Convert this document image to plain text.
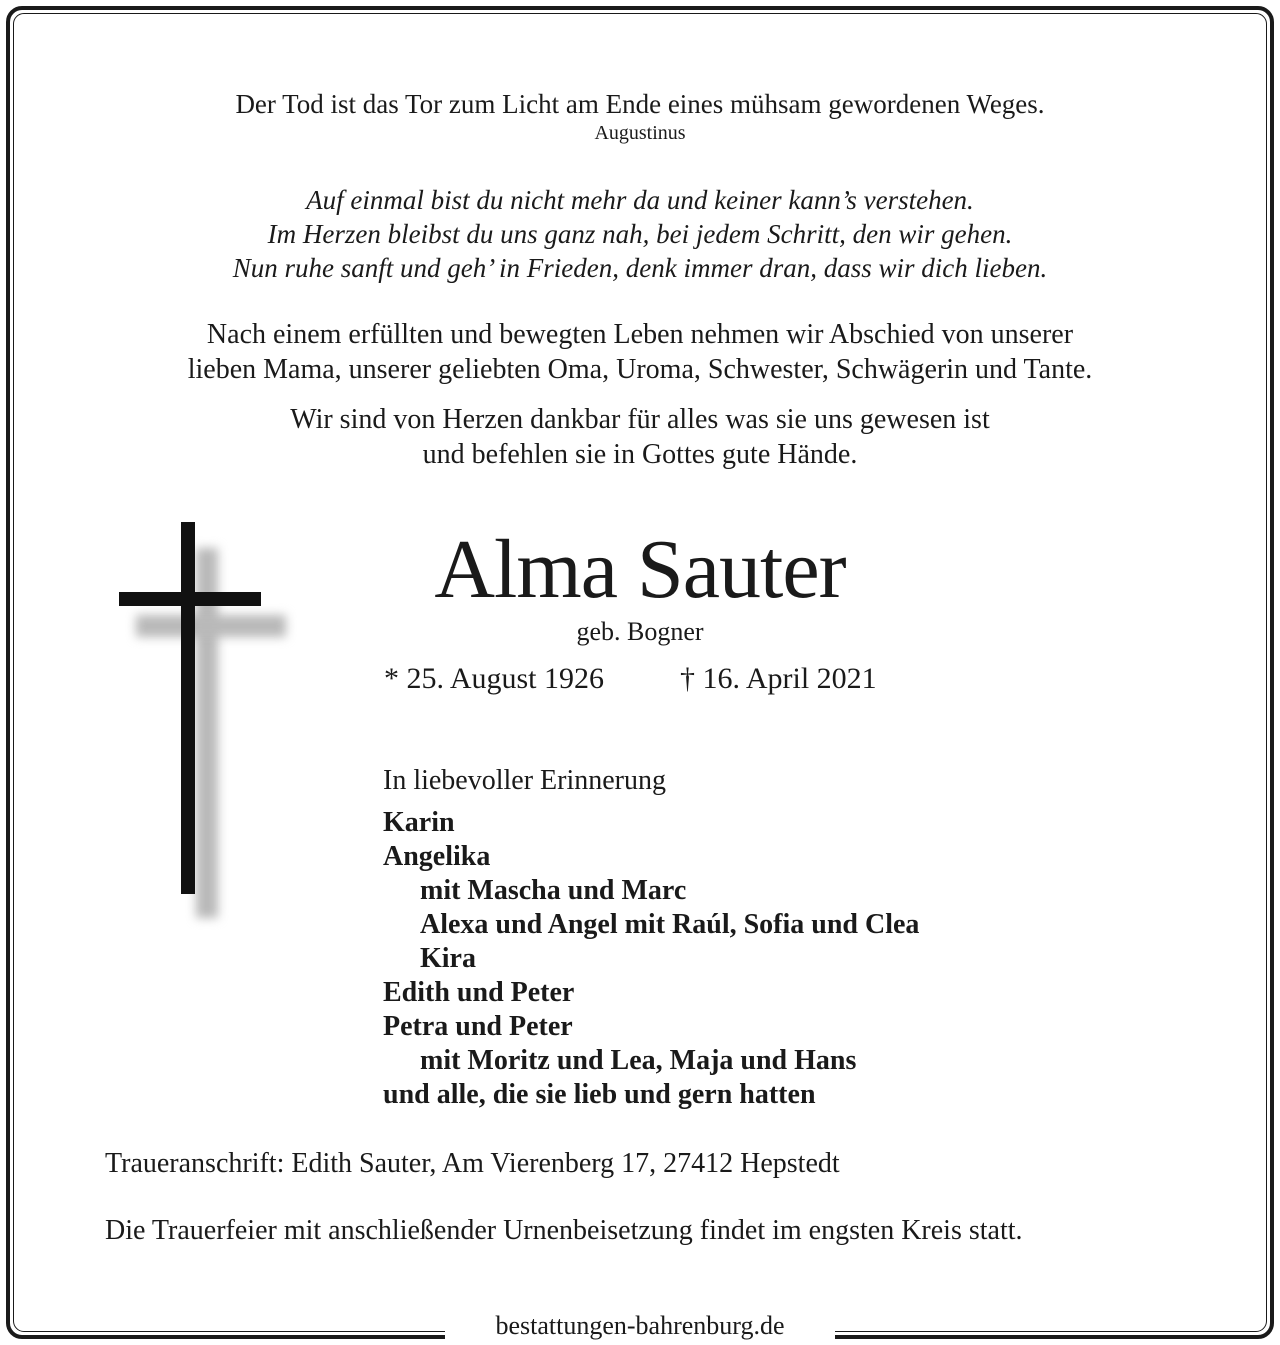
bestattungen-bahrenburg.de

Der Tod ist das Tor zum Licht am Ende eines mühsam gewordenen Weges.

Augustinus

Auf einmal bist du nicht mehr da und keiner kann’s verstehen.
Im Herzen bleibst du uns ganz nah, bei jedem Schritt, den wir gehen.
Nun ruhe sanft und geh’ in Frieden, denk immer dran, dass wir dich lieben.
Nach einem erfüllten und bewegten Leben nehmen wir Abschied von unserer
lieben Mama, unserer geliebten Oma, Uroma, Schwester, Schwägerin und Tante.
Wir sind von Herzen dankbar für alles was sie uns gewesen ist
und befehlen sie in Gottes gute Hände.
Alma Sauter
geb. Bogner
* 25. August 1926	† 16. April 2021
In liebevoller Erinnerung
Karin
Angelika
mit Mascha und Marc
Alexa und Angel mit Raúl, Sofia und Clea
Kira
Edith und Peter
Petra und Peter
mit Moritz und Lea, Maja und Hans
und alle, die sie lieb und gern hatten
Traueranschrift: Edith Sauter, Am Vierenberg 17, 27412 Hepstedt
Die Trauerfeier mit anschließender Urnenbeisetzung findet im engsten Kreis statt.
